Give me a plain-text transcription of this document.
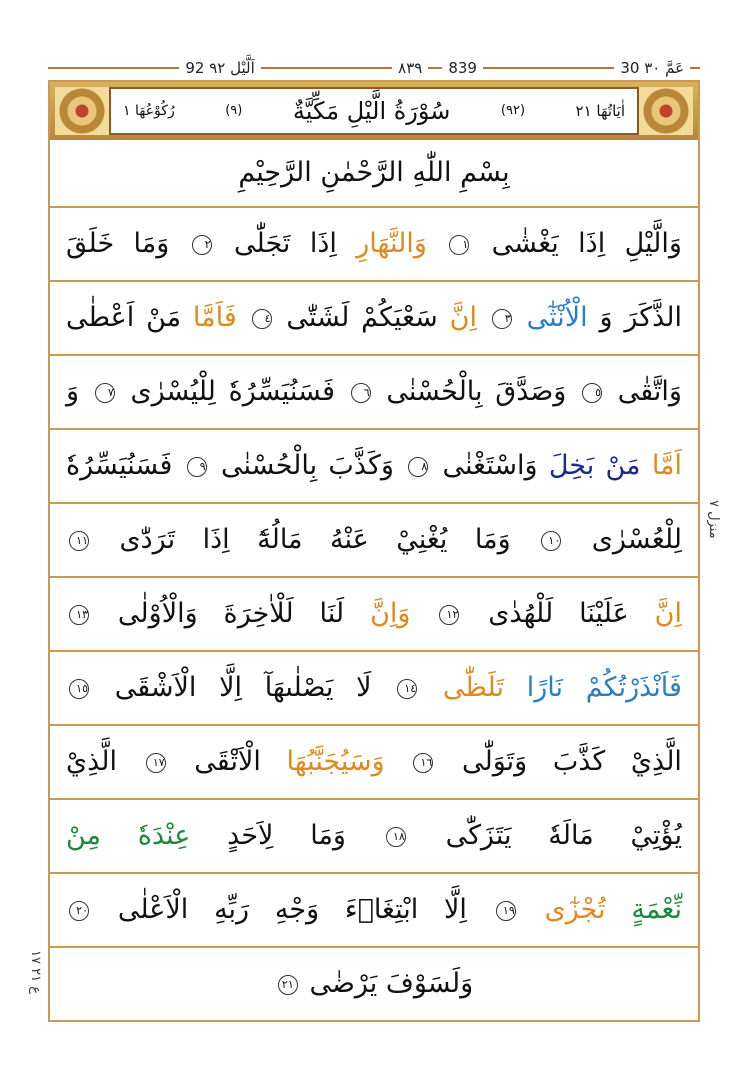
92 اَلَّيْل ٩٢	٨٣٩ 839	30 عَمَّ ٣٠
اٰيَاتُهَا ٢١
(٩٢)
سُوْرَةُ الَّيْلِ مَكِّيَّةٌ
(٩)
رُكُوْعُهَا ١
بِسْمِ اللّٰهِ الرَّحْمٰنِ الرَّحِيْمِ
وَالَّيْلِ اِذَا يَغْشٰى ١ وَالنَّهَارِ اِذَا تَجَلّٰى ٢ وَمَا خَلَقَ
الذَّكَرَ وَ الْاُنْثٰٓى ٣ اِنَّ سَعْيَكُمْ لَشَتّٰى ٤ فَاَمَّا مَنْ اَعْطٰى
وَاتَّقٰى ٥ وَصَدَّقَ بِالْحُسْنٰى ٦ فَسَنُيَسِّرُهٗ لِلْيُسْرٰى ٧ وَ
اَمَّا مَنْ بَخِلَ وَاسْتَغْنٰى ٨ وَكَذَّبَ بِالْحُسْنٰى ٩ فَسَنُيَسِّرُهٗ
لِلْعُسْرٰى ١٠ وَمَا يُغْنِيْ عَنْهُ مَالُهٗٓ اِذَا تَرَدّٰى ١١
اِنَّ عَلَيْنَا لَلْهُدٰى ١٢ وَاِنَّ لَنَا لَلْاٰخِرَةَ وَالْاُوْلٰى ١٣
فَاَنْذَرْتُكُمْ نَارًا تَلَظّٰى ١٤ لَا يَصْلٰىهَآ اِلَّا الْاَشْقَى ١٥
الَّذِيْ كَذَّبَ وَتَوَلّٰى ١٦ وَسَيُجَنَّبُهَا الْاَتْقَى ١٧ الَّذِيْ
يُؤْتِيْ مَالَهٗ يَتَزَكّٰى ١٨ وَمَا لِاَحَدٍ عِنْدَهٗ مِنْ
نِّعْمَةٍ تُجْزٰٓى ١٩ اِلَّا ابْتِغَاۤءَ وَجْهِ رَبِّهِ الْاَعْلٰى ٢٠
وَلَسَوْفَ يَرْضٰى ٢١
منزل ٧
ع ٢١ ١٧
